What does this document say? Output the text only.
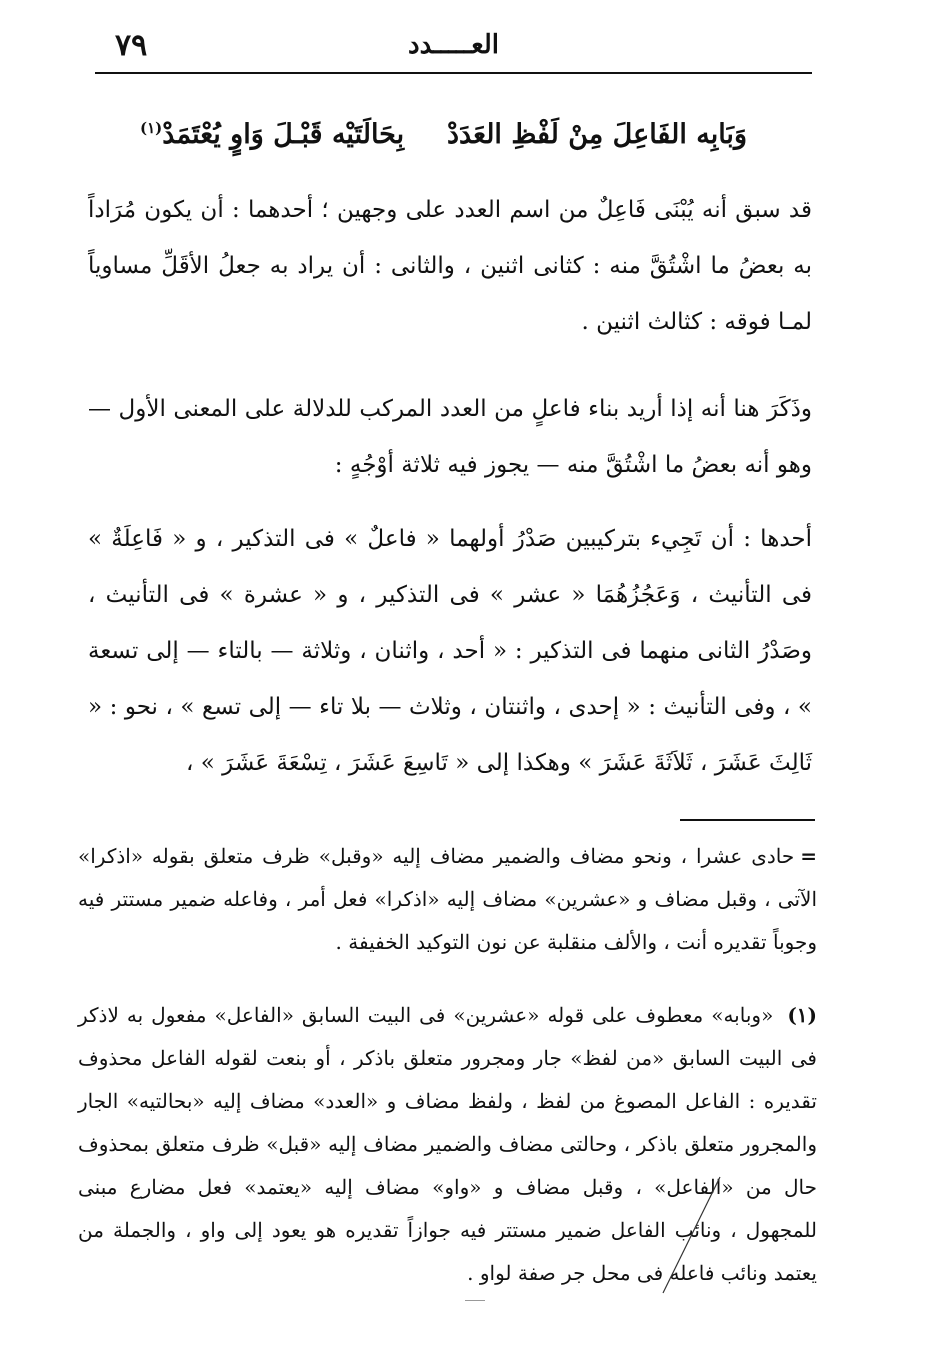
٧٩	العـــــدد
وَبَابِه الفَاعِلَ مِنْ لَفْظِ العَدَدْ
بِحَالَتَيْه قَبْـلَ وَاوٍ يُعْتَمَدْ$^{(١)}$

قد سبق أنه يُبْنَى فَاعِلٌ من اسم العدد على وجهين ؛ أحدهما : أن يكون مُرَاداً به بعضُ ما اشْتُقَّ منه : كثانى اثنين ، والثانى : أن يراد به جعلُ الأقَلِّ مساوياً لمـا فوقه : كثالث اثنين .

وذَكَرَ هنا أنه إذا أريد بناء فاعلٍ من العدد المركب للدلالة على المعنى الأول — وهو أنه بعضُ ما اشْتُقَّ منه — يجوز فيه ثلاثة أوْجُهٍ :

أحدها : أن تَجِيء بتركيبين صَدْرُ أولهما « فاعلٌ » فى التذكير ، و « فَاعِلَةٌ » فى التأنيث ، وَعَجُزُهُمَا « عشر » فى التذكير ، و « عشرة » فى التأنيث ، وصَدْرُ الثانى منهما فى التذكير : « أحد ، واثنان ، وثلاثة — بالتاء — إلى تسعة » ، وفى التأنيث : « إحدى ، واثنتان ، وثلاث — بلا تاء — إلى تسع » ، نحو : « ثَالِثَ عَشَرَ ، ثَلاَثَةَ عَشَرَ » وهكذا إلى « تَاسِعَ عَشَرَ ، تِسْعَةَ عَشَرَ » ،

=حادى عشرا ، ونحو مضاف والضمير مضاف إليه «وقبل» ظرف متعلق بقوله «اذكرا» الآتى ، وقبل مضاف و «عشرين» مضاف إليه «اذكرا» فعل أمر ، وفاعله ضمير مستتر فيه وجوباً تقديره أنت ، والألف منقلبة عن نون التوكيد الخفيفة .

(١) «وبابه» معطوف على قوله «عشرين» فى البيت السابق «الفاعل» مفعول به لاذكر فى البيت السابق «من لفظ» جار ومجرور متعلق باذكر ، أو بنعت لقوله الفاعل محذوف تقديره : الفاعل المصوغ من لفظ ، ولفظ مضاف و «العدد» مضاف إليه «بحالتيه» الجار والمجرور متعلق باذكر ، وحالتى مضاف والضمير مضاف إليه «قبل» ظرف متعلق بمحذوف حال من «الفاعل» ، وقبل مضاف و «واو» مضاف إليه «يعتمد» فعل مضارع مبنى للمجهول ، ونائب الفاعل ضمير مستتر فيه جوازاً تقديره هو يعود إلى واو ، والجملة من يعتمد ونائب فاعله فى محل جر صفة لواو .
